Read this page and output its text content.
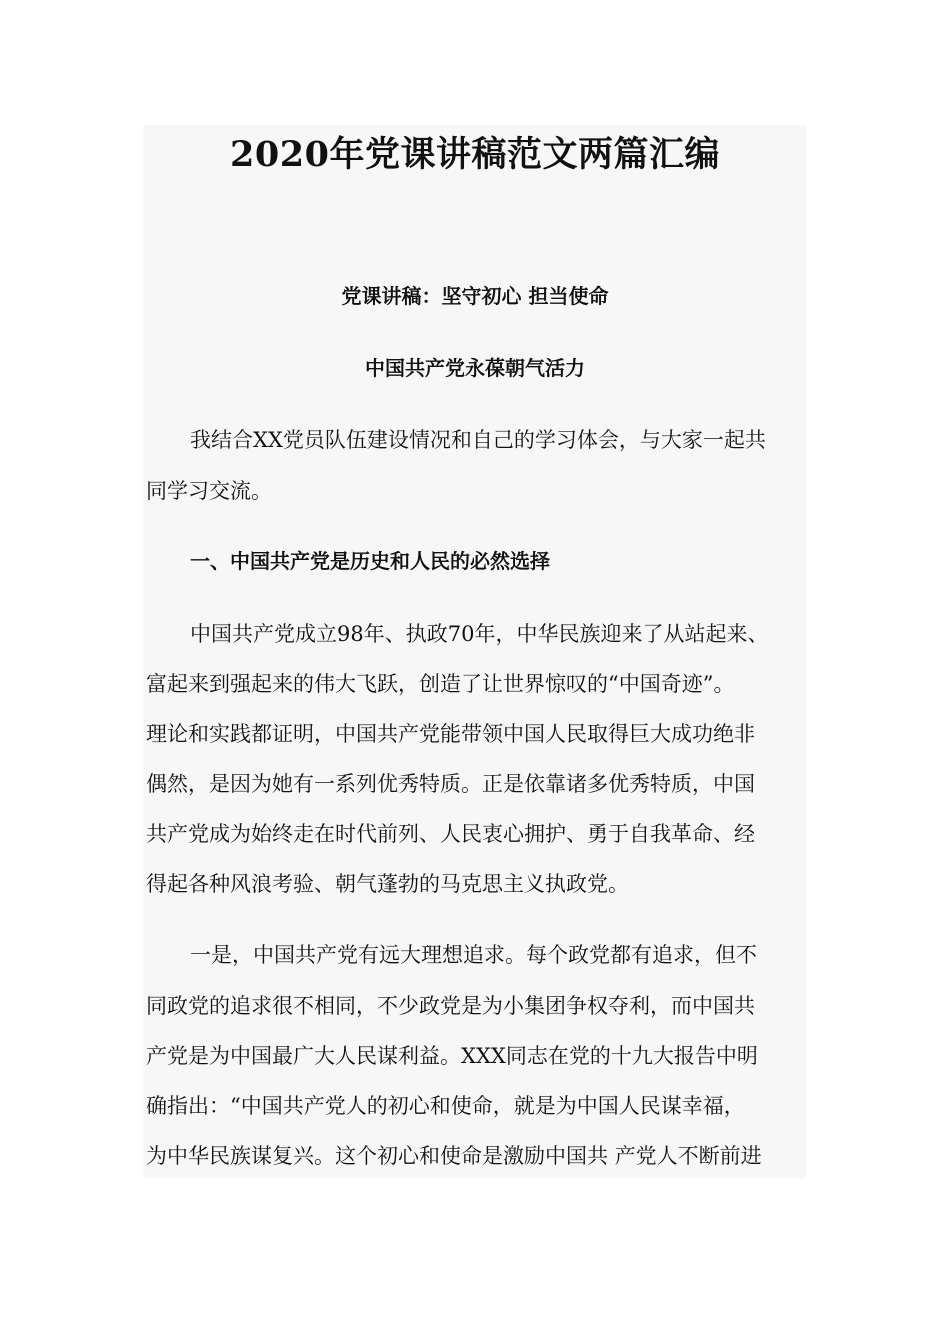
2020年党课讲稿范文两篇汇编
党课讲稿：坚守初心 担当使命
中国共产党永葆朝气活力

我结合XX党员队伍建设情况和自己的学习体会，与大家一起共

同学习交流。

一、中国共产党是历史和人民的必然选择

中国共产党成立98年、执政70年，中华民族迎来了从站起来、

富起来到强起来的伟大飞跃，创造了让世界惊叹的“中国奇迹”。

理论和实践都证明，中国共产党能带领中国人民取得巨大成功绝非

偶然，是因为她有一系列优秀特质。正是依靠诸多优秀特质，中国

共产党成为始终走在时代前列、人民衷心拥护、勇于自我革命、经

得起各种风浪考验、朝气蓬勃的马克思主义执政党。

一是，中国共产党有远大理想追求。每个政党都有追求，但不

同政党的追求很不相同，不少政党是为小集团争权夺利，而中国共

产党是为中国最广大人民谋利益。XXX同志在党的十九大报告中明

确指出：“中国共产党人的初心和使命，就是为中国人民谋幸福，

为中华民族谋复兴。这个初心和使命是激励中国共 产党人不断前进
